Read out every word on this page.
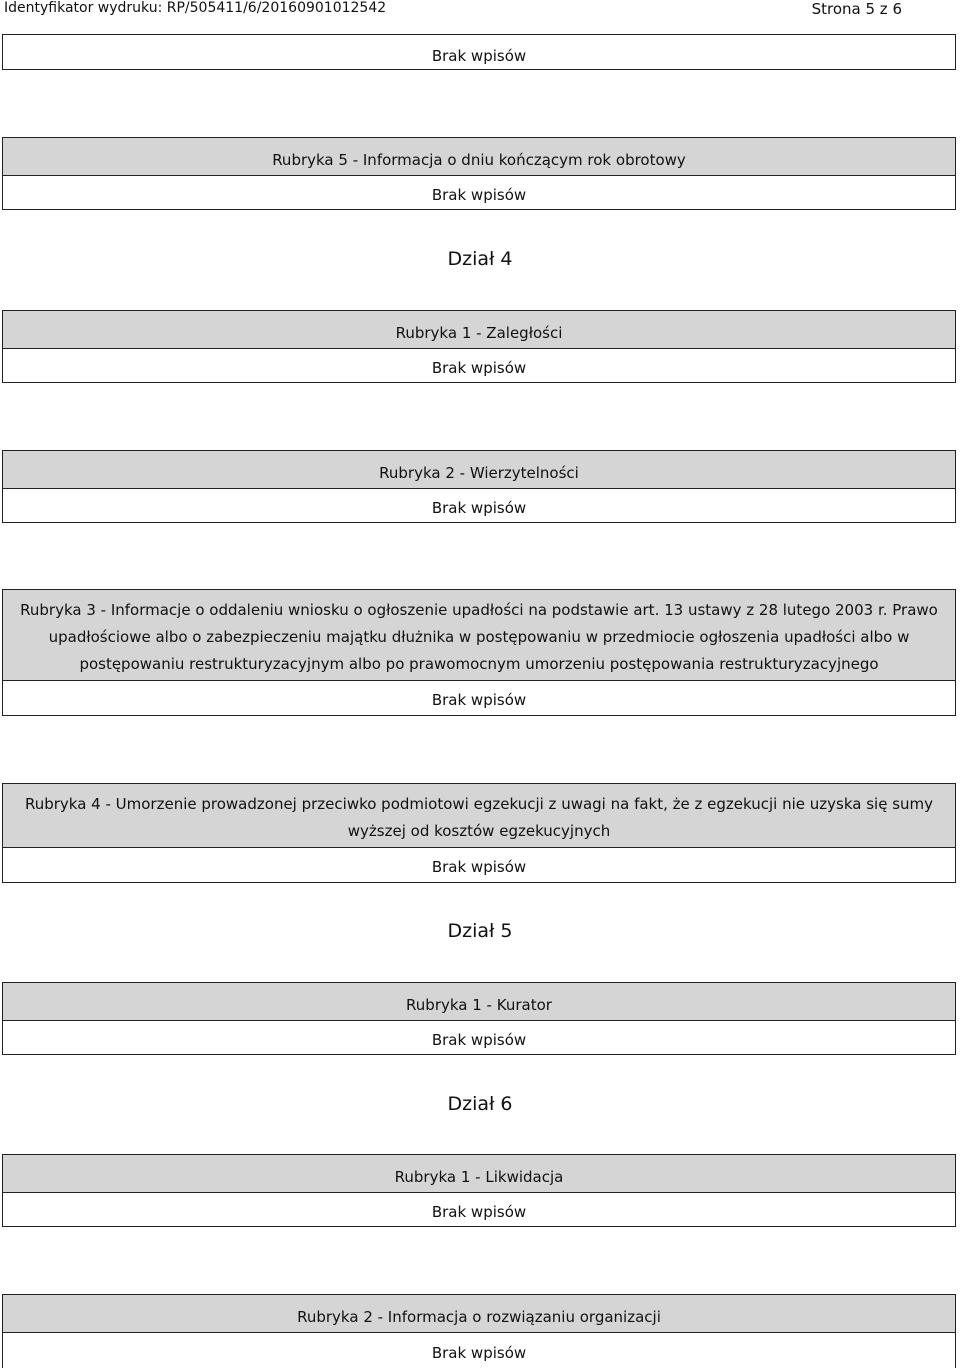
Identyfikator wydruku: RP/505411/6/20160901012542	Strona 5 z 6
Brak wpisów
Rubryka 5 - Informacja o dniu kończącym rok obrotowy
Brak wpisów
Dział 4
Rubryka 1 - Zaległości
Brak wpisów
Rubryka 2 - Wierzytelności
Brak wpisów
Rubryka 3 - Informacje o oddaleniu wniosku o ogłoszenie upadłości na podstawie art. 13 ustawy z 28 lutego 2003 r. Prawo upadłościowe albo o zabezpieczeniu majątku dłużnika w postępowaniu w przedmiocie ogłoszenia upadłości albo w postępowaniu restrukturyzacyjnym albo po prawomocnym umorzeniu postępowania restrukturyzacyjnego
Brak wpisów
Rubryka 4 - Umorzenie prowadzonej przeciwko podmiotowi egzekucji z uwagi na fakt, że z egzekucji nie uzyska się sumy wyższej od kosztów egzekucyjnych
Brak wpisów
Dział 5
Rubryka 1 - Kurator
Brak wpisów
Dział 6
Rubryka 1 - Likwidacja
Brak wpisów
Rubryka 2 - Informacja o rozwiązaniu organizacji
Brak wpisów
